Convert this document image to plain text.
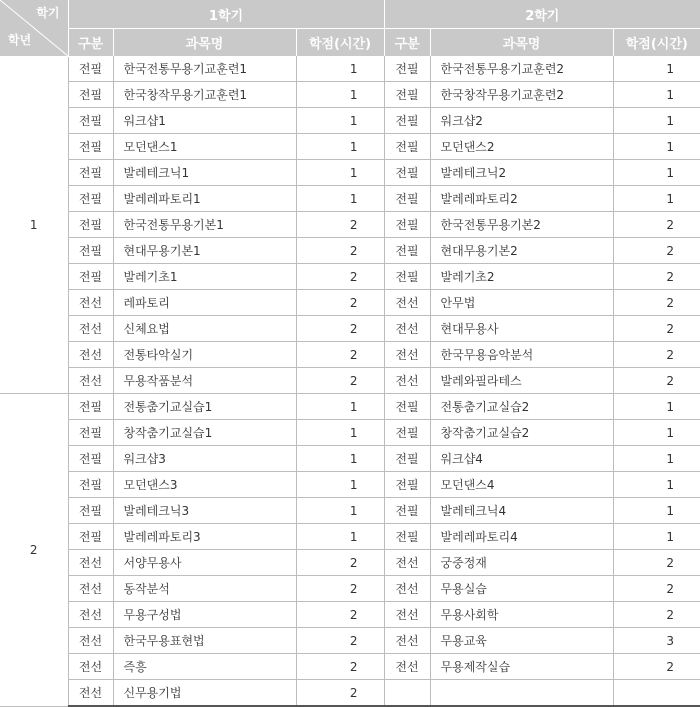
학기
학년	1학기			2학기		
	구분	과목명	학점(시간)	구분	과목명	학점(시간)
1	전필	한국전통무용기교훈련1	1	전필	한국전통무용기교훈련2	1
	전필	한국창작무용기교훈련1	1	전필	한국창작무용기교훈련2	1
	전필	워크샵1	1	전필	워크샵2	1
	전필	모던댄스1	1	전필	모던댄스2	1
	전필	발레테크닉1	1	전필	발레테크닉2	1
	전필	발레레파토리1	1	전필	발레레파토리2	1
	전필	한국전통무용기본1	2	전필	한국전통무용기본2	2
	전필	현대무용기본1	2	전필	현대무용기본2	2
	전필	발레기초1	2	전필	발레기초2	2
	전선	레파토리	2	전선	안무법	2
	전선	신체요법	2	전선	현대무용사	2
	전선	전통타악실기	2	전선	한국무용음악분석	2
	전선	무용작품분석	2	전선	발레와필라테스	2
2	전필	전통춤기교실습1	1	전필	전통춤기교실습2	1
	전필	창작춤기교실습1	1	전필	창작춤기교실습2	1
	전필	워크샵3	1	전필	워크샵4	1
	전필	모던댄스3	1	전필	모던댄스4	1
	전필	발레테크닉3	1	전필	발레테크닉4	1
	전필	발레레파토리3	1	전필	발레레파토리4	1
	전선	서양무용사	2	전선	궁중정재	2
	전선	동작분석	2	전선	무용실습	2
	전선	무용구성법	2	전선	무용사회학	2
	전선	한국무용표현법	2	전선	무용교육	3
	전선	즉흥	2	전선	무용제작실습	2
	전선	신무용기법	2			
